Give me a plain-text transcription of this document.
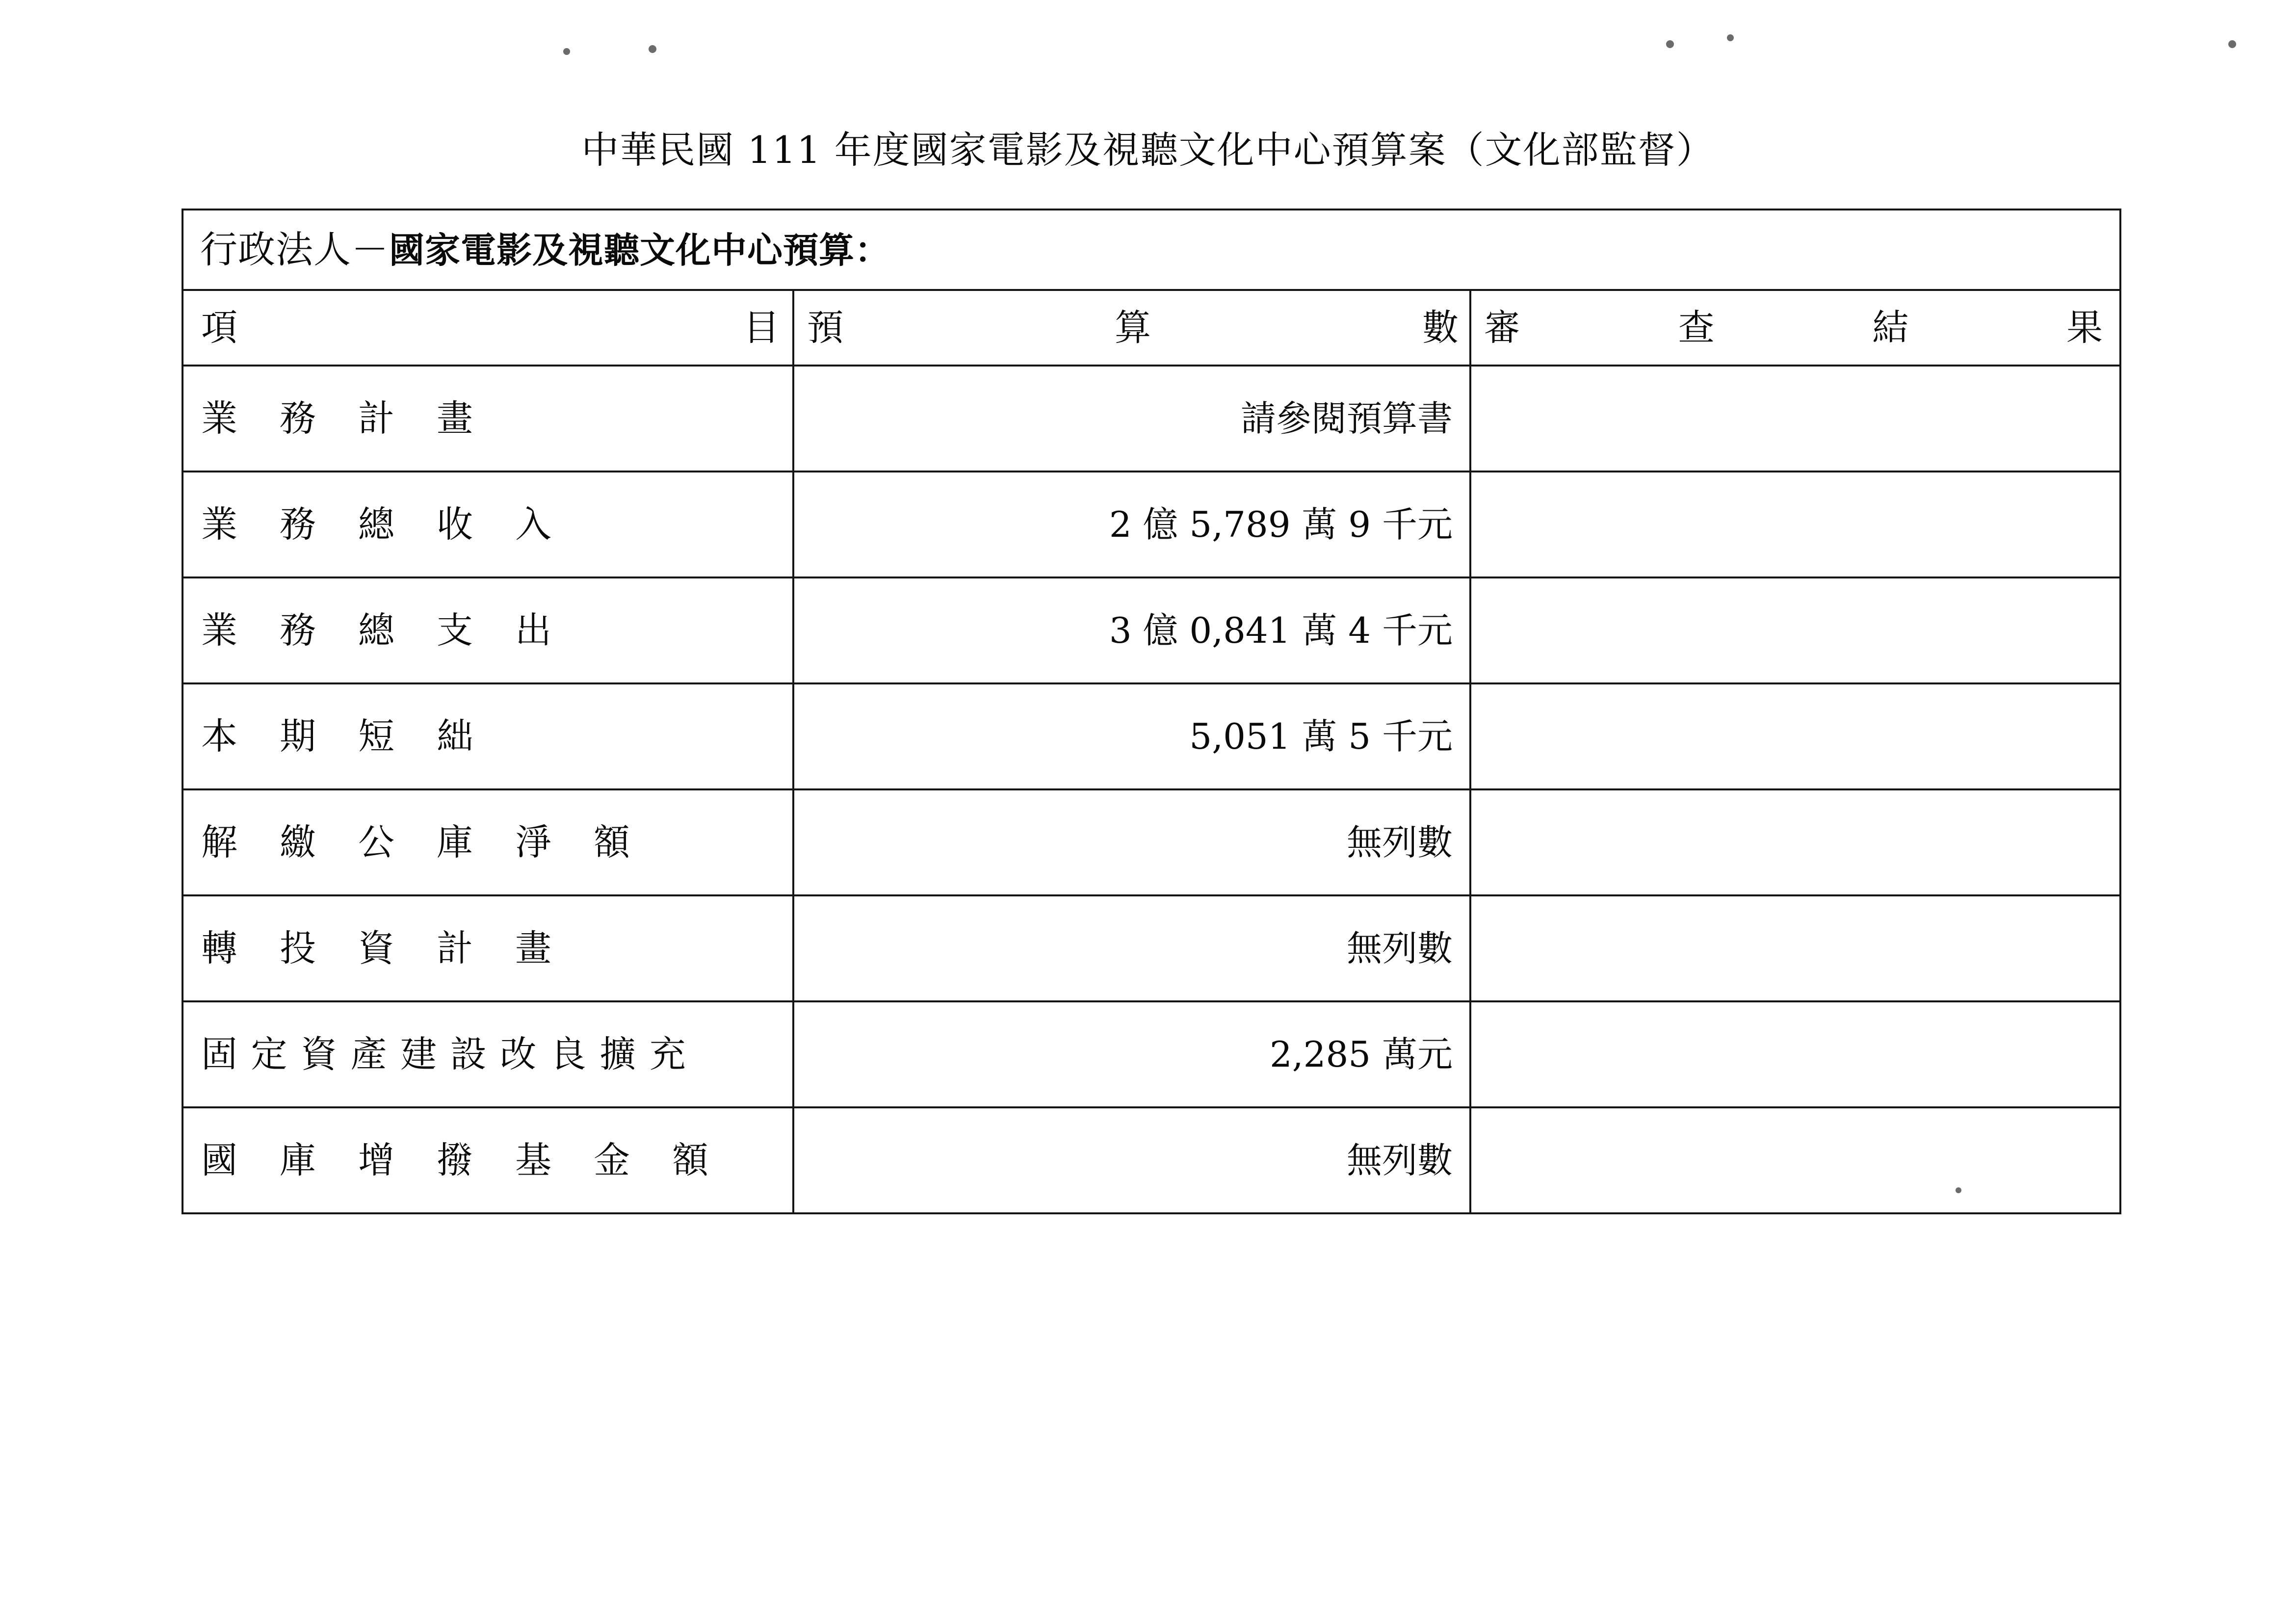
中華民國 111 年度國家電影及視聽文化中心預算案（文化部監督）
行政法人－國家電影及視聽文化中心預算：		

項 目	預 算 數	審 查 結 果

業　務　計　畫	請參閱預算書	

業　務　總　收　入	2 億 5,789 萬 9 千元	

業　務　總　支　出	3 億 0,841 萬 4 千元	

本　期　短　絀	5,051 萬 5 千元	

解　繳　公　庫　淨　額	無列數	

轉　投　資　計　畫	無列數	

固 定 資 產 建 設 改 良 擴 充	2,285 萬元	

國　庫　增　撥　基　金　額	無列數	
